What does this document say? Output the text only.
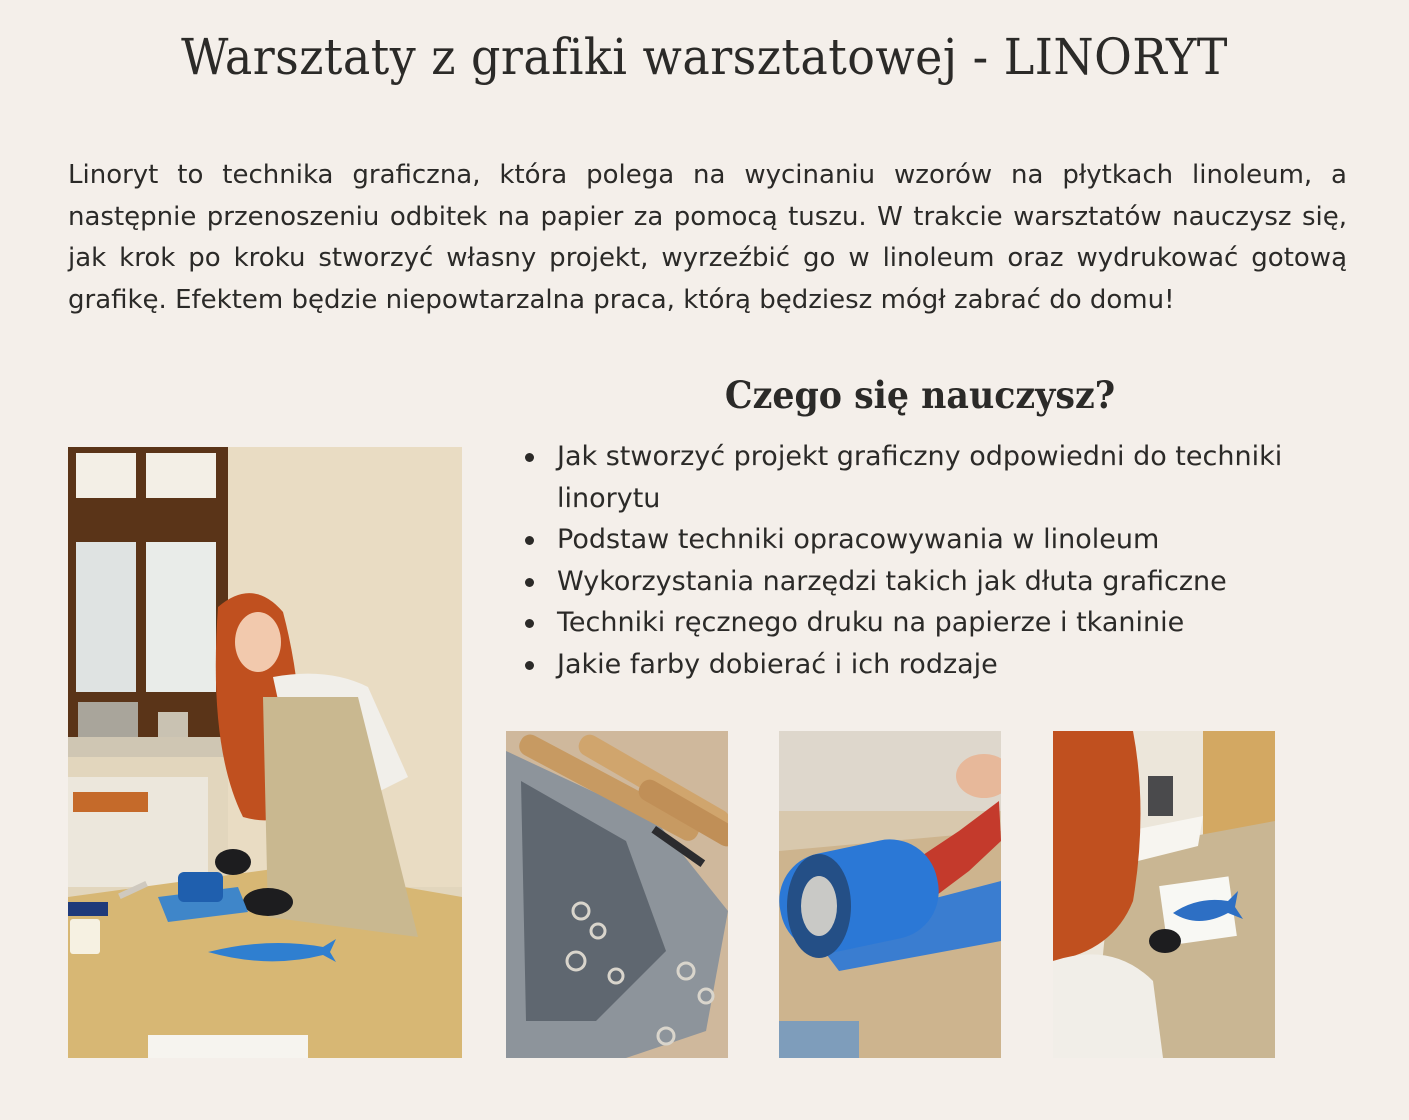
Warsztaty z grafiki warsztatowej - LINORYT

Linoryt to technika graficzna, która polega na wycinaniu wzorów na płytkach linoleum, a następnie przenoszeniu odbitek na papier za pomocą tuszu. W trakcie warsztatów nauczysz się, jak krok po kroku stworzyć własny projekt, wyrzeźbić go w linoleum oraz wydrukować gotową grafikę. Efektem będzie niepowtarzalna praca, którą będziesz mógł zabrać do domu!

Czego się nauczysz?
Jak stworzyć projekt graficzny odpowiedni do techniki linorytu
Podstaw techniki opracowywania w linoleum
Wykorzystania narzędzi takich jak dłuta graficzne
Techniki ręcznego druku na papierze i tkaninie
Jakie farby dobierać i ich rodzaje
